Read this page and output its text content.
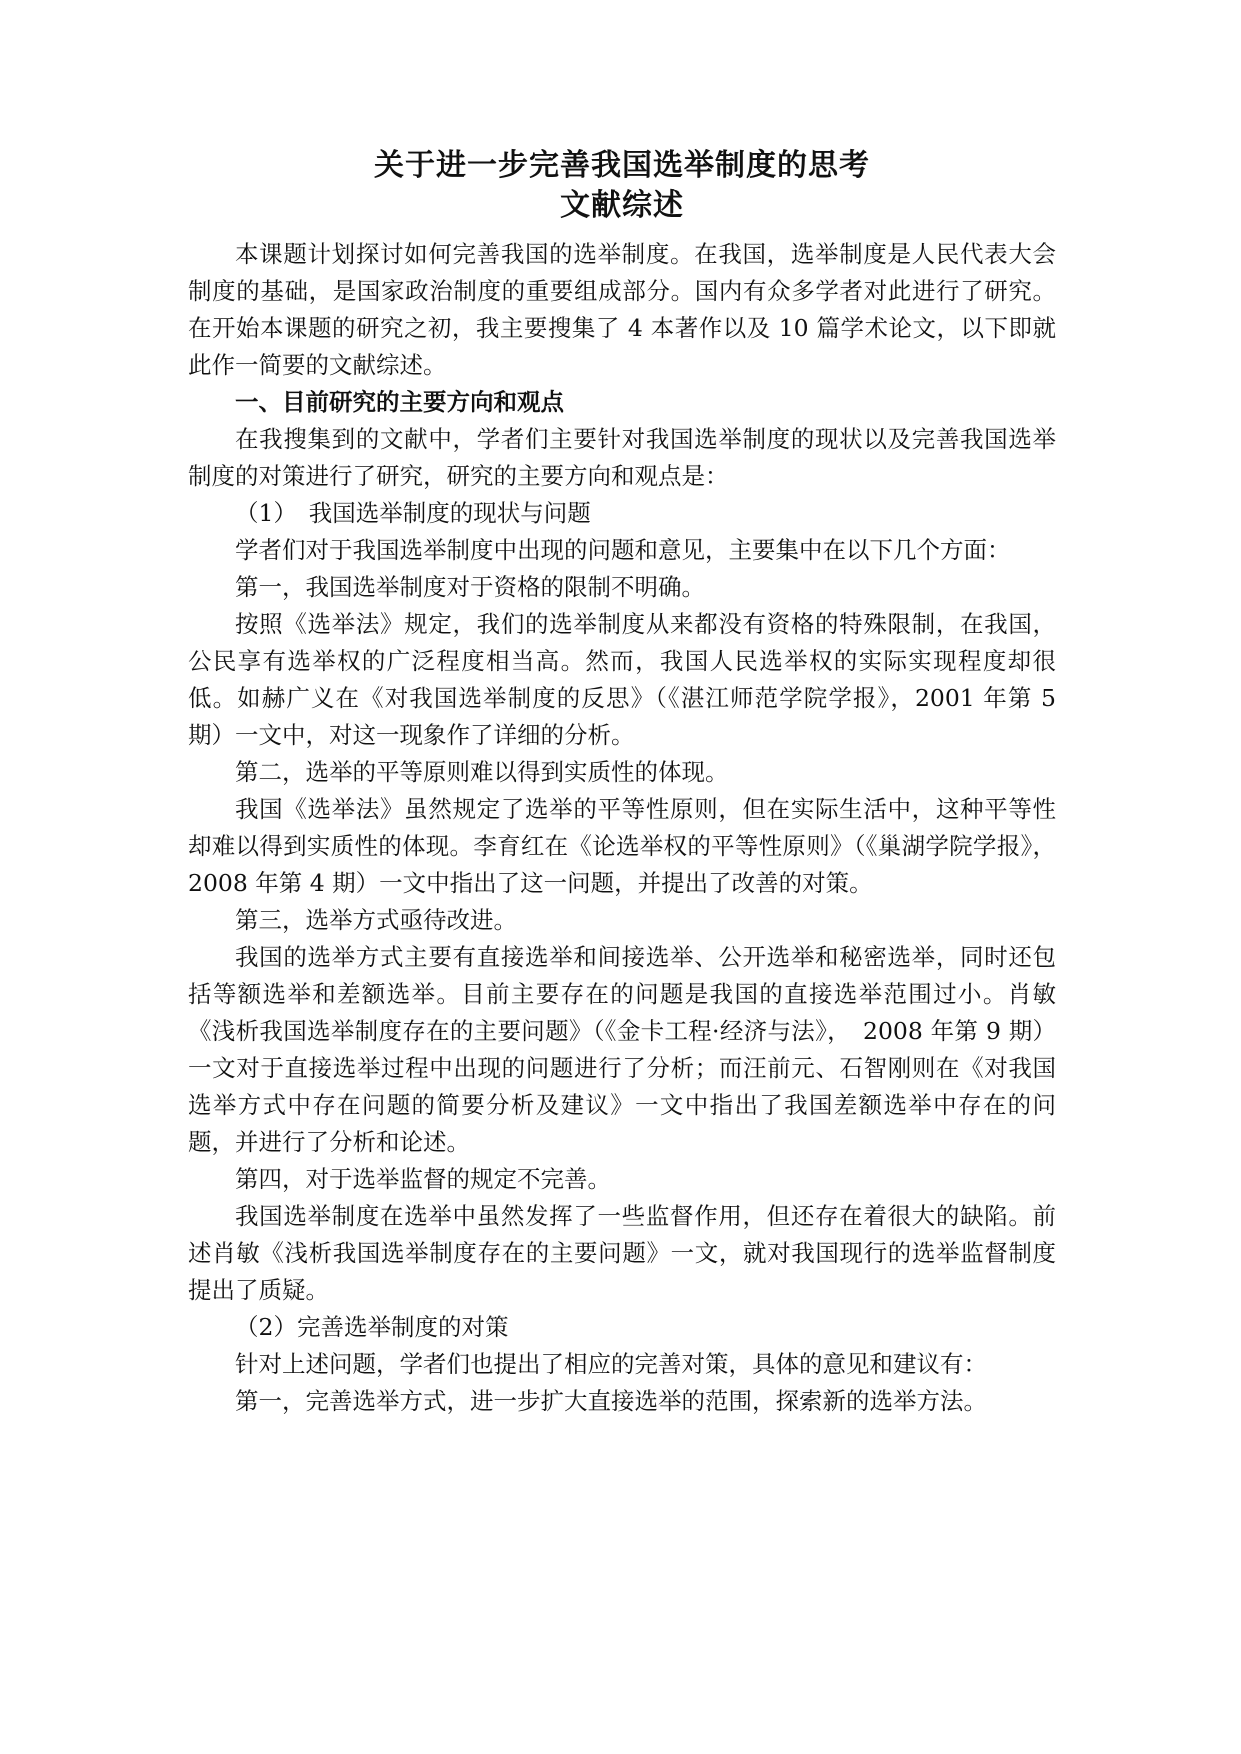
关于进一步完善我国选举制度的思考
文献综述

本课题计划探讨如何完善我国的选举制度。在我国，选举制度是人民代表大会制度的基础，是国家政治制度的重要组成部分。国内有众多学者对此进行了研究。在开始本课题的研究之初，我主要搜集了 4 本著作以及 10 篇学术论文，以下即就此作一简要的文献综述。

一、目前研究的主要方向和观点

在我搜集到的文献中，学者们主要针对我国选举制度的现状以及完善我国选举制度的对策进行了研究，研究的主要方向和观点是：

（1）　我国选举制度的现状与问题

学者们对于我国选举制度中出现的问题和意见，主要集中在以下几个方面：

第一，我国选举制度对于资格的限制不明确。

按照《选举法》规定，我们的选举制度从来都没有资格的特殊限制，在我国，公民享有选举权的广泛程度相当高。然而，我国人民选举权的实际实现程度却很低。如赫广义在《对我国选举制度的反思》（《湛江师范学院学报》，2001 年第 5 期）一文中，对这一现象作了详细的分析。

第二，选举的平等原则难以得到实质性的体现。

我国《选举法》虽然规定了选举的平等性原则，但在实际生活中，这种平等性却难以得到实质性的体现。李育红在《论选举权的平等性原则》（《巢湖学院学报》，2008 年第 4 期）一文中指出了这一问题，并提出了改善的对策。

第三，选举方式亟待改进。

我国的选举方式主要有直接选举和间接选举、公开选举和秘密选举，同时还包括等额选举和差额选举。目前主要存在的问题是我国的直接选举范围过小。肖敏《浅析我国选举制度存在的主要问题》（《金卡工程·经济与法》，　2008 年第 9 期）一文对于直接选举过程中出现的问题进行了分析；而汪前元、石智刚则在《对我国选举方式中存在问题的简要分析及建议》一文中指出了我国差额选举中存在的问题，并进行了分析和论述。

第四，对于选举监督的规定不完善。

我国选举制度在选举中虽然发挥了一些监督作用，但还存在着很大的缺陷。前述肖敏《浅析我国选举制度存在的主要问题》一文，就对我国现行的选举监督制度提出了质疑。

（2）完善选举制度的对策

针对上述问题，学者们也提出了相应的完善对策，具体的意见和建议有：

第一，完善选举方式，进一步扩大直接选举的范围，探索新的选举方法。
